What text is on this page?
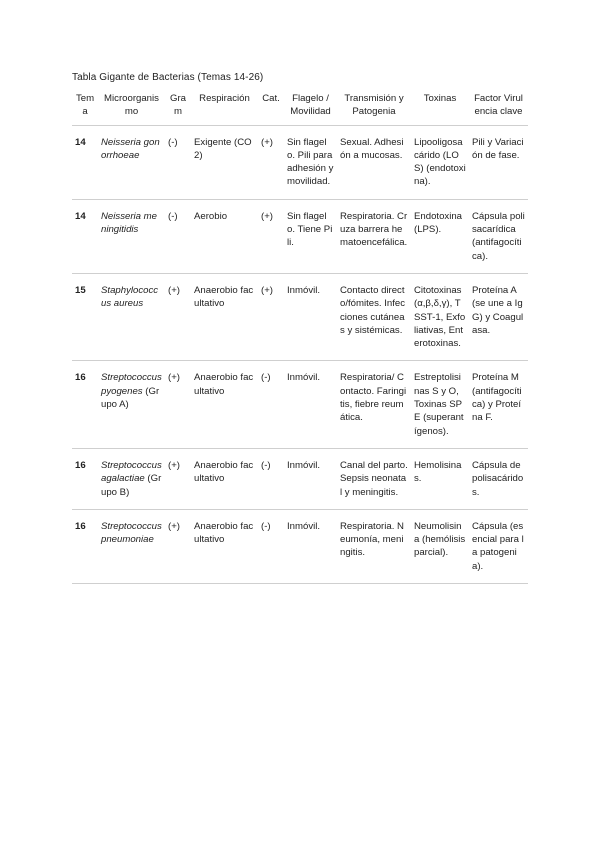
Tabla Gigante de Bacterias (Temas 14-26)
Tema	Microorganismo	Gram	Respiración	Cat.	Flagelo / Movilidad	Transmisión y Patogenia	Toxinas	Factor Virulencia clave
14	Neisseria gonorrhoeae	(-)	Exigente (CO2)	(+)	Sin flagelo. Pili para adhesión y movilidad.	Sexual. Adhesión a mucosas.	Lipooligosacárido (LOS) (endotoxina).	Pili y Variación de fase.
14	Neisseria meningitidis	(-)	Aerobio	(+)	Sin flagelo. Tiene Pili.	Respiratoria. Cruza barrera hematoencefálica.	Endotoxina (LPS).	Cápsula polisacarídica (antifagocítica).
15	Staphylococcus aureus	(+)	Anaerobio facultativo	(+)	Inmóvil.	Contacto directo/fómites. Infecciones cutáneas y sistémicas.	Citotoxinas (α,β,δ,γ), TSST-1, Exfoliativas, Enterotoxinas.	Proteína A (se une a IgG) y Coagulasa.
16	Streptococcus pyogenes (Grupo A)	(+)	Anaerobio facultativo	(-)	Inmóvil.	Respiratoria/ Contacto. Faringitis, fiebre reumática.	Estreptolisinas S y O, Toxinas SPE (superantígenos).	Proteína M (antifagocítica) y Proteína F.
16	Streptococcus agalactiae (Grupo B)	(+)	Anaerobio facultativo	(-)	Inmóvil.	Canal del parto. Sepsis neonatal y meningitis.	Hemolisinas.	Cápsula de polisacáridos.
16	Streptococcus pneumoniae	(+)	Anaerobio facultativo	(-)	Inmóvil.	Respiratoria. Neumonía, meningitis.	Neumolisina (hemólisis parcial).	Cápsula (esencial para la patogenia).
